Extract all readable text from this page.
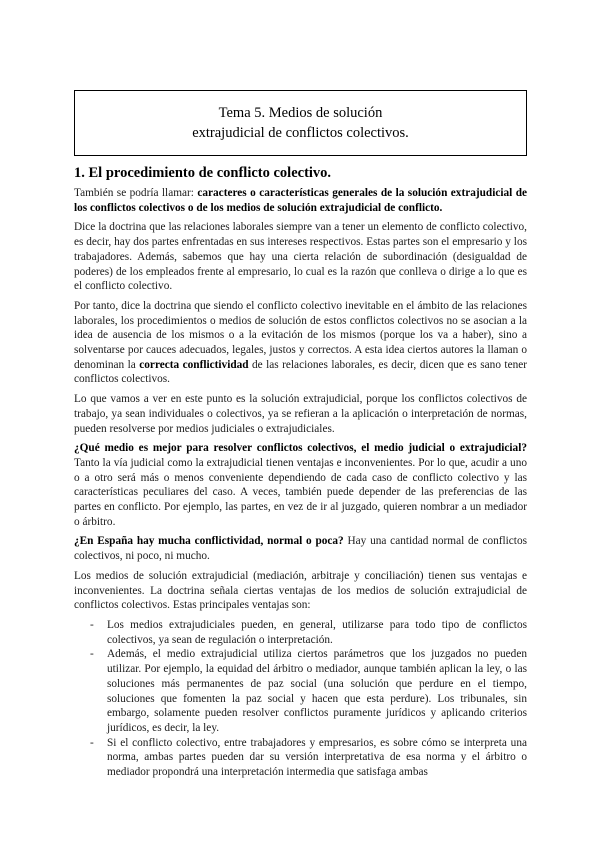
Tema 5. Medios de solución
extrajudicial de conflictos colectivos.
1. El procedimiento de conflicto colectivo.

También se podría llamar: caracteres o características generales de la solución extrajudicial de los conflictos colectivos o de los medios de solución extrajudicial de conflicto.

Dice la doctrina que las relaciones laborales siempre van a tener un elemento de conflicto colectivo, es decir, hay dos partes enfrentadas en sus intereses respectivos. Estas partes son el empresario y los trabajadores. Además, sabemos que hay una cierta relación de subordinación (desigualdad de poderes) de los empleados frente al empresario, lo cual es la razón que conlleva o dirige a lo que es el conflicto colectivo.

Por tanto, dice la doctrina que siendo el conflicto colectivo inevitable en el ámbito de las relaciones laborales, los procedimientos o medios de solución de estos conflictos colectivos no se asocian a la idea de ausencia de los mismos o a la evitación de los mismos (porque los va a haber), sino a solventarse por cauces adecuados, legales, justos y correctos. A esta idea ciertos autores la llaman o denominan la correcta conflictividad de las relaciones laborales, es decir, dicen que es sano tener conflictos colectivos.

Lo que vamos a ver en este punto es la solución extrajudicial, porque los conflictos colectivos de trabajo, ya sean individuales o colectivos, ya se refieran a la aplicación o interpretación de normas, pueden resolverse por medios judiciales o extrajudiciales.

¿Qué medio es mejor para resolver conflictos colectivos, el medio judicial o extrajudicial? Tanto la vía judicial como la extrajudicial tienen ventajas e inconvenientes. Por lo que, acudir a uno o a otro será más o menos conveniente dependiendo de cada caso de conflicto colectivo y las características peculiares del caso. A veces, también puede depender de las preferencias de las partes en conflicto. Por ejemplo, las partes, en vez de ir al juzgado, quieren nombrar a un mediador o árbitro.

¿En España hay mucha conflictividad, normal o poca? Hay una cantidad normal de conflictos colectivos, ni poco, ni mucho.

Los medios de solución extrajudicial (mediación, arbitraje y conciliación) tienen sus ventajas e inconvenientes. La doctrina señala ciertas ventajas de los medios de solución extrajudicial de conflictos colectivos. Estas principales ventajas son:

- Los medios extrajudiciales pueden, en general, utilizarse para todo tipo de conflictos colectivos, ya sean de regulación o interpretación.
- Además, el medio extrajudicial utiliza ciertos parámetros que los juzgados no pueden utilizar. Por ejemplo, la equidad del árbitro o mediador, aunque también aplican la ley, o las soluciones más permanentes de paz social (una solución que perdure en el tiempo, soluciones que fomenten la paz social y hacen que esta perdure). Los tribunales, sin embargo, solamente pueden resolver conflictos puramente jurídicos y aplicando criterios jurídicos, es decir, la ley.
- Si el conflicto colectivo, entre trabajadores y empresarios, es sobre cómo se interpreta una norma, ambas partes pueden dar su versión interpretativa de esa norma y el árbitro o mediador propondrá una interpretación intermedia que satisfaga ambas
